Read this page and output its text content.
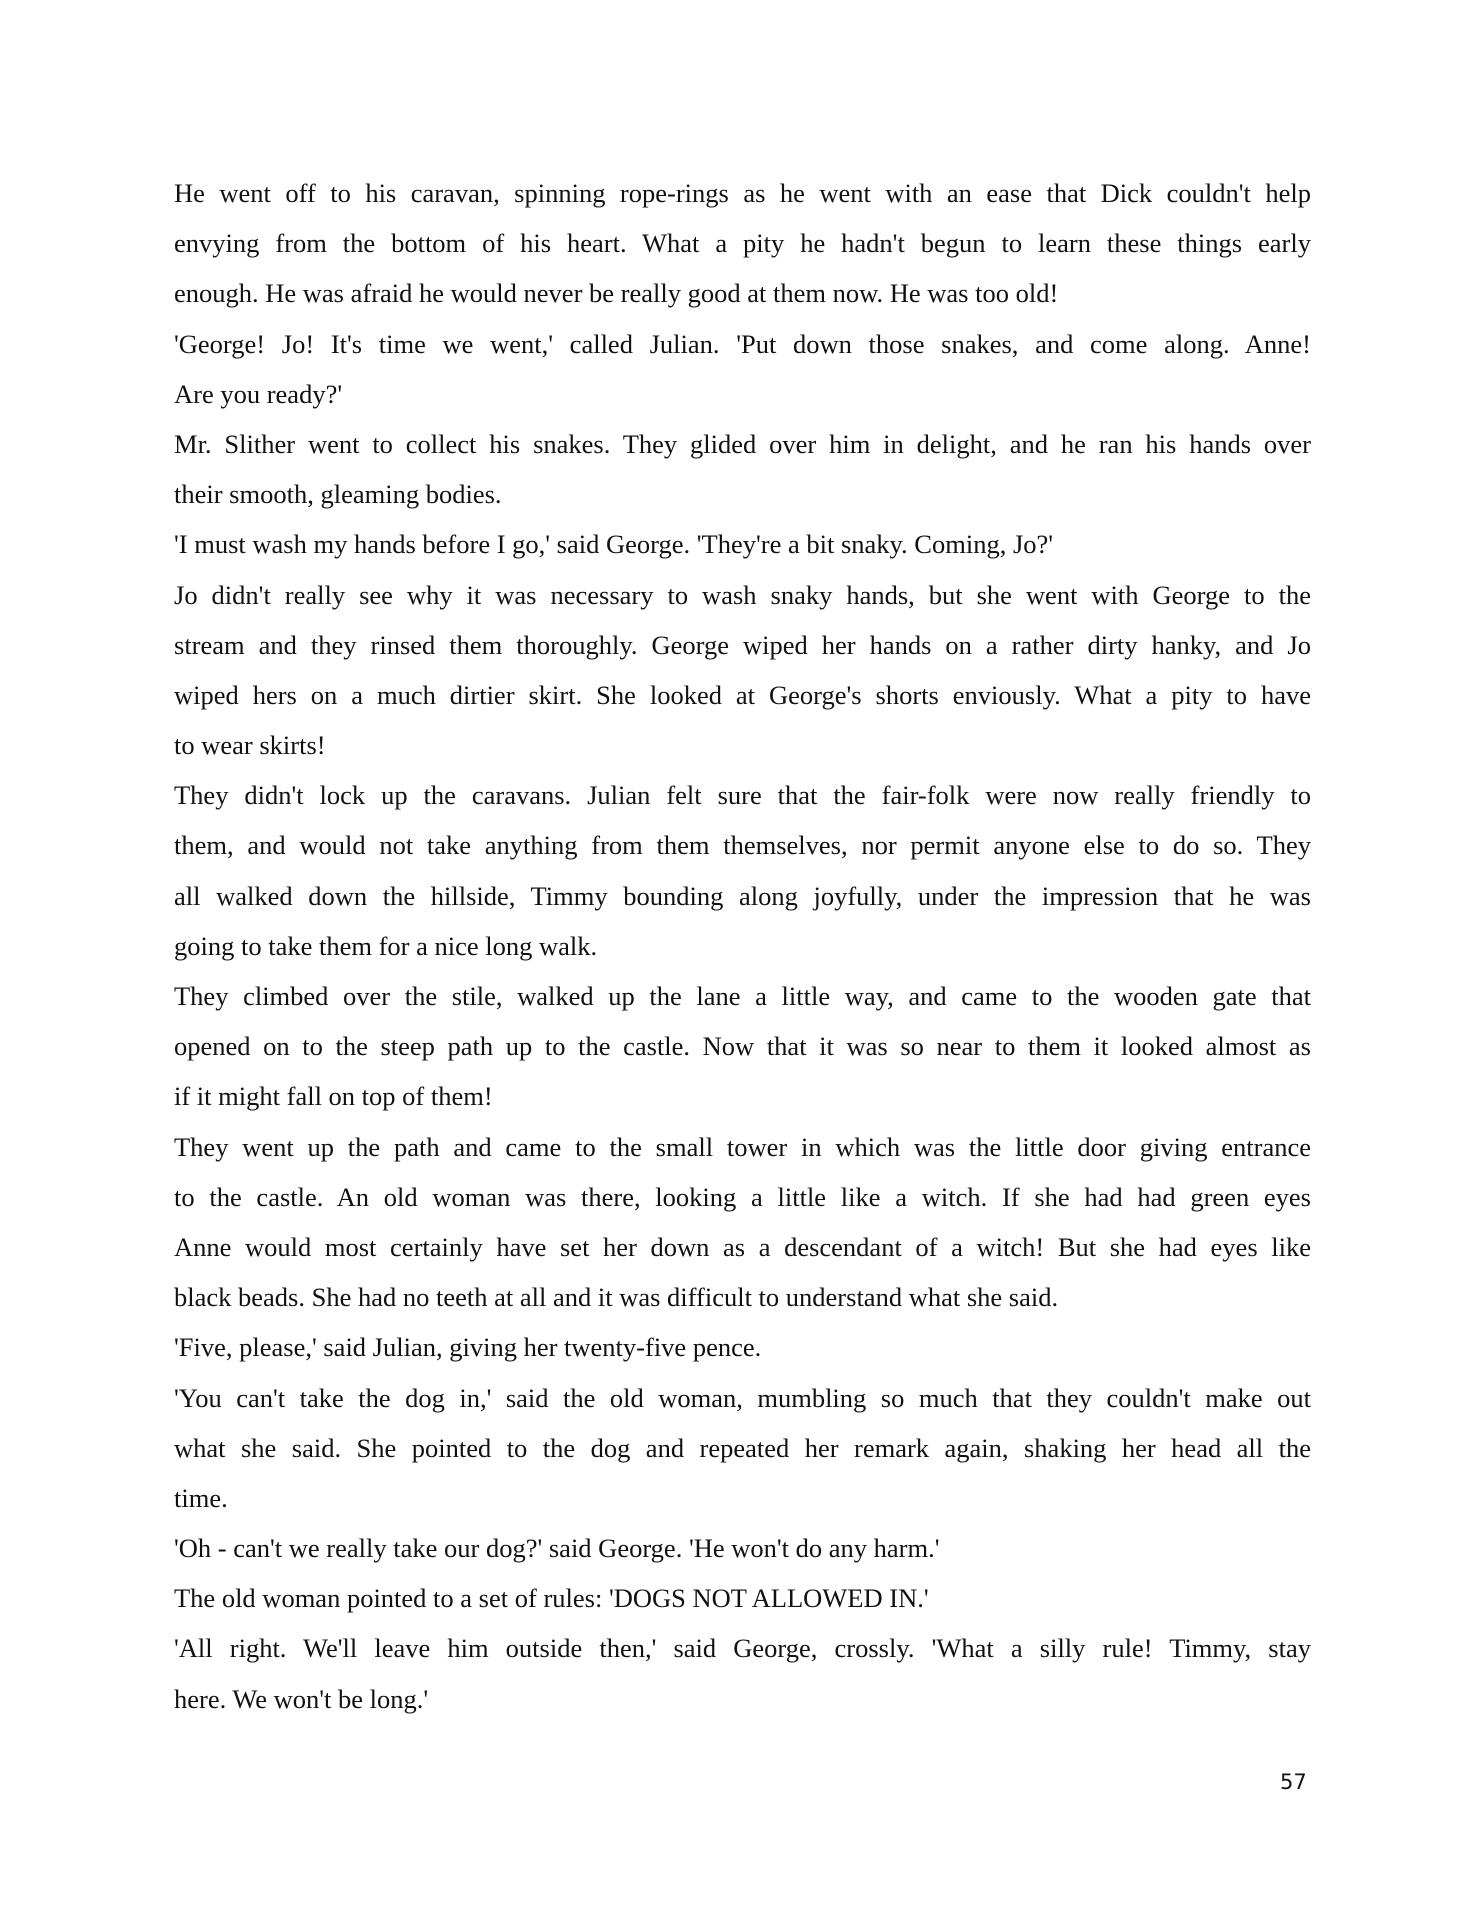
He went off to his caravan, spinning rope-rings as he went with an ease that Dick couldn't help
envying from the bottom of his heart. What a pity he hadn't begun to learn these things early
enough. He was afraid he would never be really good at them now. He was too old!
'George! Jo! It's time we went,' called Julian. 'Put down those snakes, and come along. Anne!
Are you ready?'
Mr. Slither went to collect his snakes. They glided over him in delight, and he ran his hands over
their smooth, gleaming bodies.
'I must wash my hands before I go,' said George. 'They're a bit snaky. Coming, Jo?'
Jo didn't really see why it was necessary to wash snaky hands, but she went with George to the
stream and they rinsed them thoroughly. George wiped her hands on a rather dirty hanky, and Jo
wiped hers on a much dirtier skirt. She looked at George's shorts enviously. What a pity to have
to wear skirts!
They didn't lock up the caravans. Julian felt sure that the fair-folk were now really friendly to
them, and would not take anything from them themselves, nor permit anyone else to do so. They
all walked down the hillside, Timmy bounding along joyfully, under the impression that he was
going to take them for a nice long walk.
They climbed over the stile, walked up the lane a little way, and came to the wooden gate that
opened on to the steep path up to the castle. Now that it was so near to them it looked almost as
if it might fall on top of them!
They went up the path and came to the small tower in which was the little door giving entrance
to the castle. An old woman was there, looking a little like a witch. If she had had green eyes
Anne would most certainly have set her down as a descendant of a witch! But she had eyes like
black beads. She had no teeth at all and it was difficult to understand what she said.
'Five, please,' said Julian, giving her twenty-five pence.
'You can't take the dog in,' said the old woman, mumbling so much that they couldn't make out
what she said. She pointed to the dog and repeated her remark again, shaking her head all the
time.
'Oh - can't we really take our dog?' said George. 'He won't do any harm.'
The old woman pointed to a set of rules: 'DOGS NOT ALLOWED IN.'
'All right. We'll leave him outside then,' said George, crossly. 'What a silly rule! Timmy, stay
here. We won't be long.'
57
